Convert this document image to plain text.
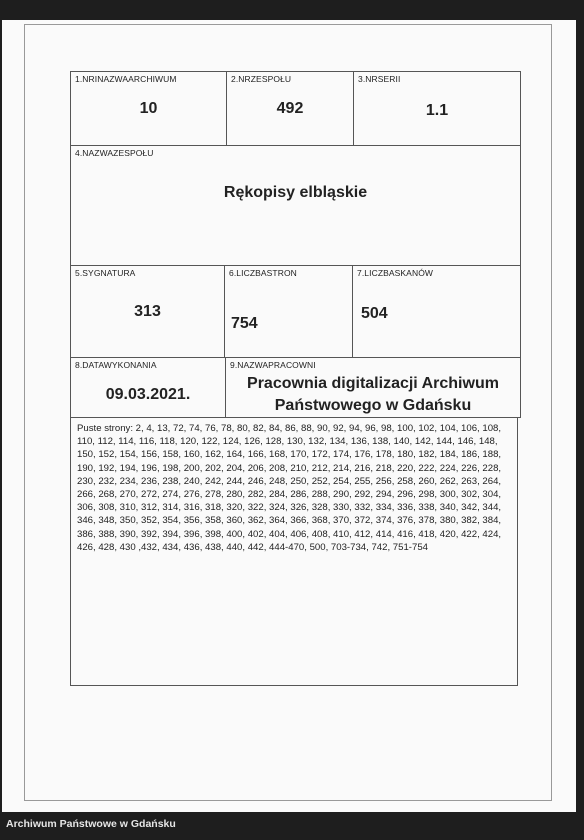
1.NRINAZWAARCHIWUM
10
2.NRZESPOŁU
492
3.NRSERII
1.1
4.NAZWAZESPOŁU
Rękopisy elbląskie
5.SYGNATURA
313
6.LICZBASTRON
754
7.LICZBASKANÓW
504
8.DATAWYKONANIA
09.03.2021.
9.NAZWAPRACOWNI
Pracownia digitalizacji Archiwum
Państwowego w Gdańsku
Puste strony: 2, 4, 13, 72, 74, 76, 78, 80, 82, 84, 86, 88, 90, 92, 94, 96, 98, 100, 102, 104, 106, 108, 110, 112, 114, 116, 118, 120, 122, 124, 126, 128, 130, 132, 134, 136, 138, 140, 142, 144, 146, 148, 150, 152, 154, 156, 158, 160, 162, 164, 166, 168, 170, 172, 174, 176, 178, 180, 182, 184, 186, 188, 190, 192, 194, 196, 198, 200, 202, 204, 206, 208, 210, 212, 214, 216, 218, 220, 222, 224, 226, 228, 230, 232, 234, 236, 238, 240, 242, 244, 246, 248, 250, 252, 254, 255, 256, 258, 260, 262, 263, 264, 266, 268, 270, 272, 274, 276, 278, 280, 282, 284, 286, 288, 290, 292, 294, 296, 298, 300, 302, 304, 306, 308, 310, 312, 314, 316, 318, 320, 322, 324, 326, 328, 330, 332, 334, 336, 338, 340, 342, 344, 346, 348, 350, 352, 354, 356, 358, 360, 362, 364, 366, 368, 370, 372, 374, 376, 378, 380, 382, 384, 386, 388, 390, 392, 394, 396, 398, 400, 402, 404, 406, 408, 410, 412, 414, 416, 418, 420, 422, 424, 426, 428, 430 ,432, 434, 436, 438, 440, 442, 444-470, 500, 703-734, 742, 751-754
Archiwum Państwowe w Gdańsku
